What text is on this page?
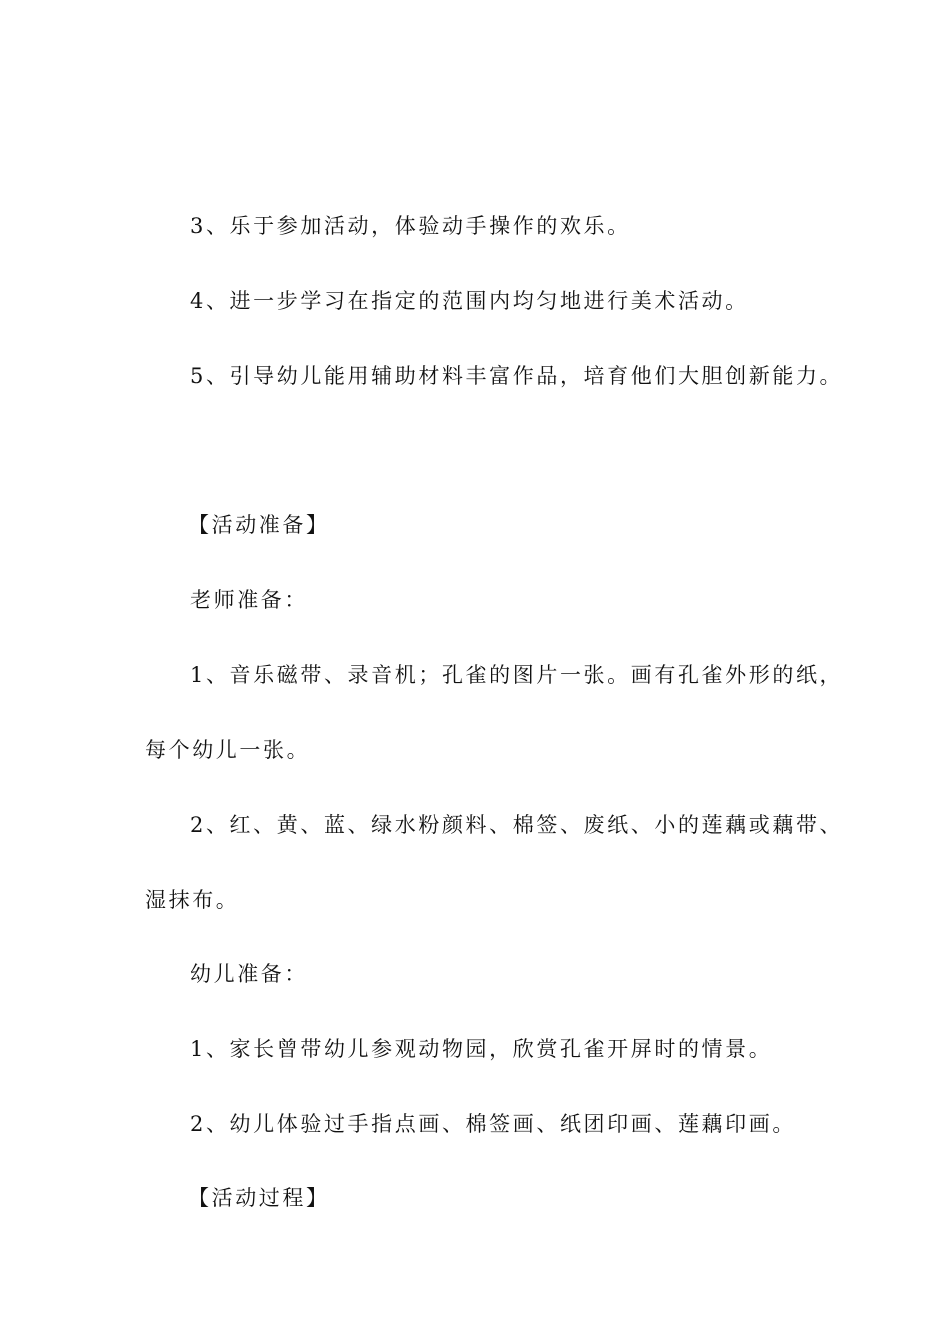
3、乐于参加活动，体验动手操作的欢乐。
4、进一步学习在指定的范围内均匀地进行美术活动。
5、引导幼儿能用辅助材料丰富作品，培育他们大胆创新能力。
【活动准备】
老师准备：
1、音乐磁带、录音机；孔雀的图片一张。画有孔雀外形的纸，
每个幼儿一张。
2、红、黄、蓝、绿水粉颜料、棉签、废纸、小的莲藕或藕带、
湿抹布。
幼儿准备：
1、家长曾带幼儿参观动物园，欣赏孔雀开屏时的情景。
2、幼儿体验过手指点画、棉签画、纸团印画、莲藕印画。
【活动过程】
